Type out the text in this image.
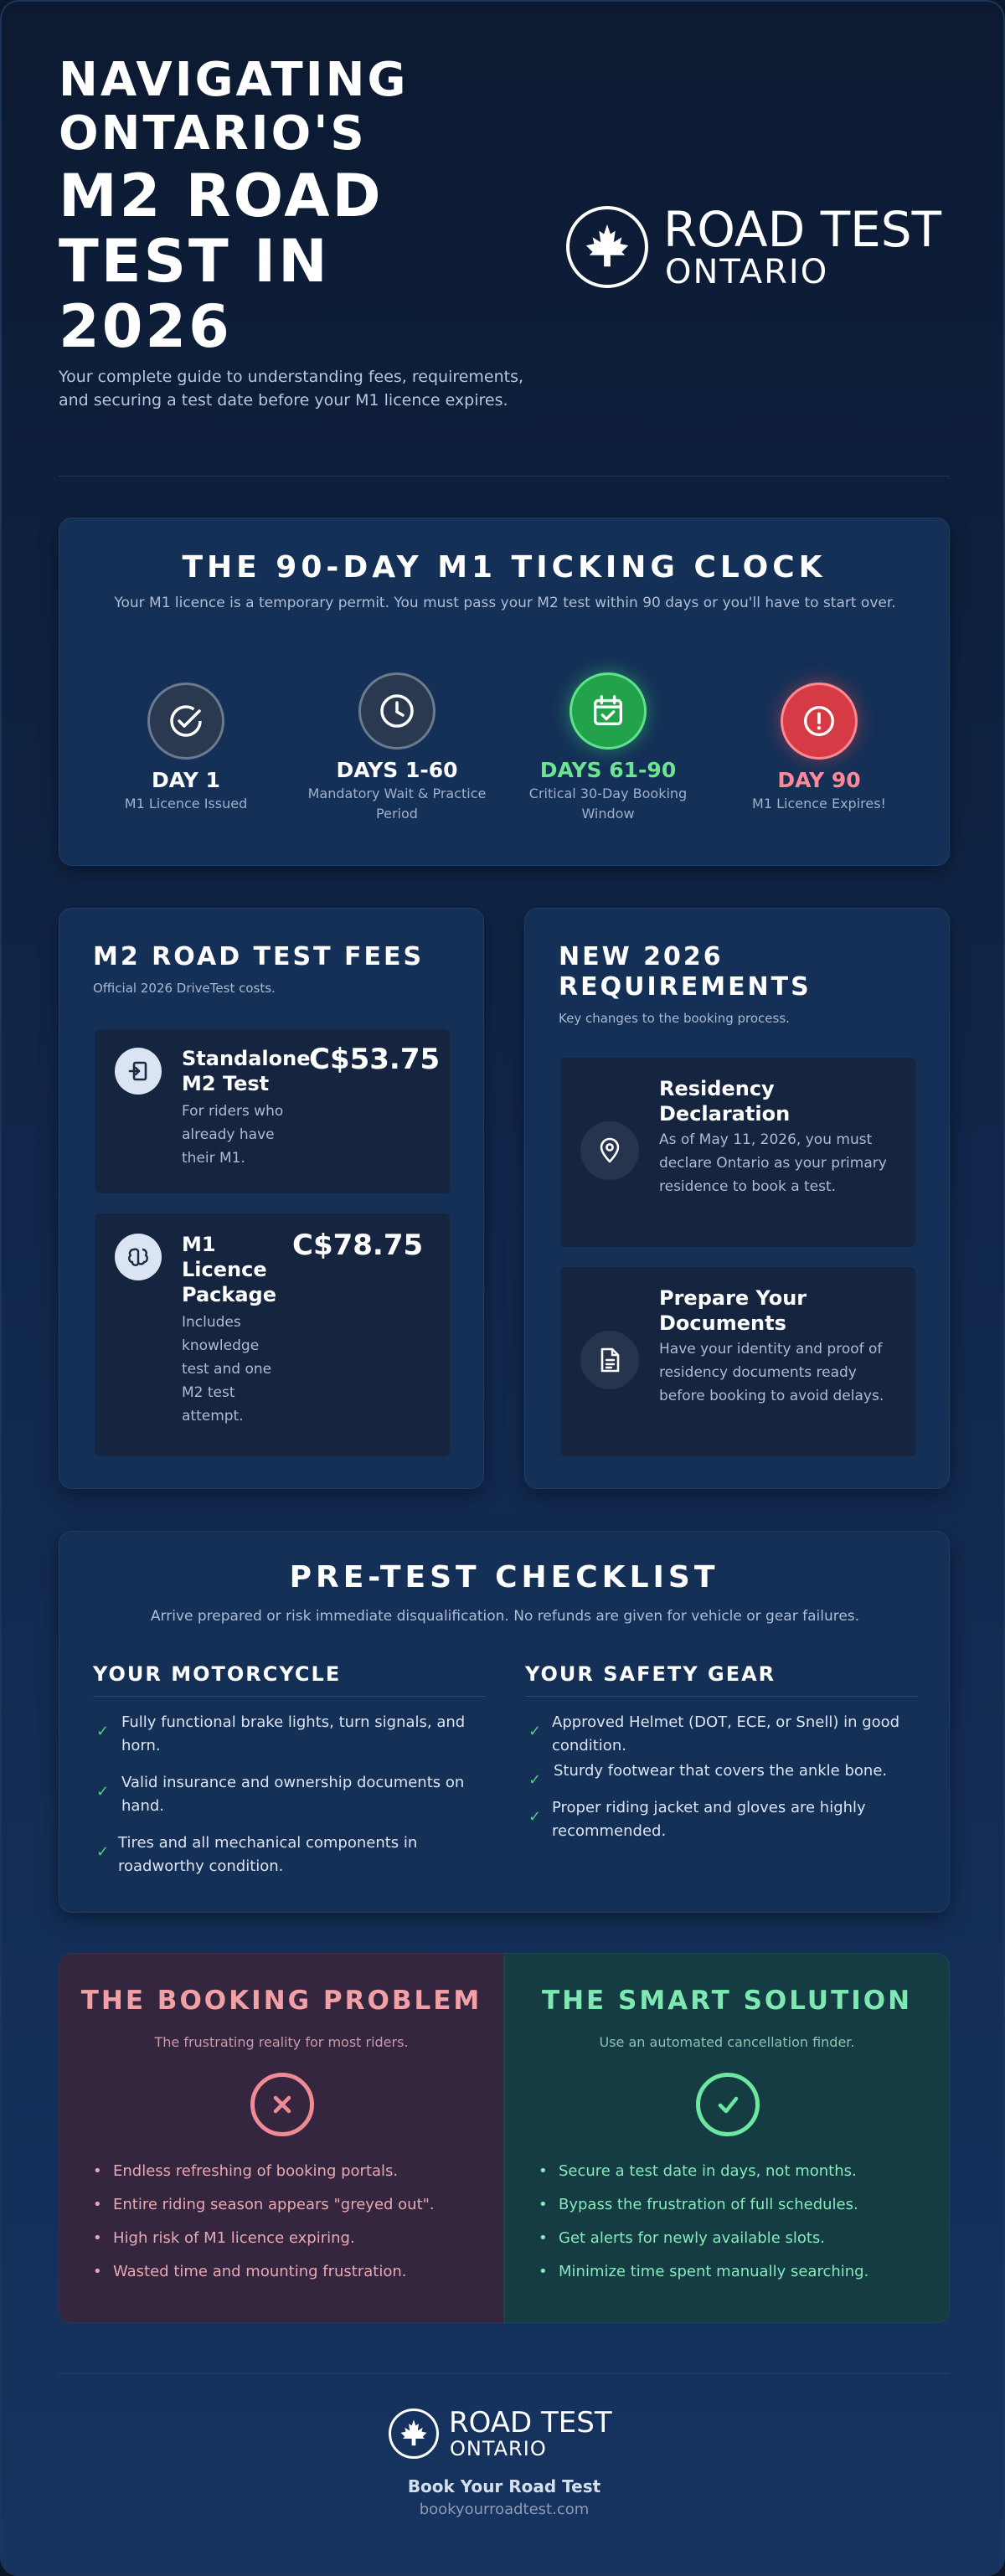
NAVIGATING
ONTARIO'S
M2 ROAD
TEST IN
2026
Your complete guide to understanding fees, requirements, and securing a test date before your M1 licence expires.
ROAD TEST
ONTARIO
THE 90-DAY M1 TICKING CLOCK
Your M1 licence is a temporary permit. You must pass your M2 test within 90 days or you'll have to start over.
DAY 1
M1 Licence Issued
DAYS 1-60
Mandatory Wait & Practice Period
DAYS 61-90
Critical 30-Day Booking Window
DAY 90
M1 Licence Expires!
M2 ROAD TEST FEES
Official 2026 DriveTest costs.
Standalone M2 Test
For riders who already have their M1.
C$53.75
M1 Licence Package
Includes knowledge test and one M2 test attempt.
C$78.75
NEW 2026 REQUIREMENTS
Key changes to the booking process.
Residency Declaration
As of May 11, 2026, you must declare Ontario as your primary residence to book a test.
Prepare Your Documents
Have your identity and proof of residency documents ready before booking to avoid delays.
PRE-TEST CHECKLIST
Arrive prepared or risk immediate disqualification. No refunds are given for vehicle or gear failures.
YOUR MOTORCYCLE
✓
Fully functional brake lights, turn signals, and horn.
✓
Valid insurance and ownership documents on hand.
✓
Tires and all mechanical components in roadworthy condition.
YOUR SAFETY GEAR
✓
Approved Helmet (DOT, ECE, or Snell) in good condition.
✓
Sturdy footwear that covers the ankle bone.
✓
Proper riding jacket and gloves are highly recommended.
THE BOOKING PROBLEM
The frustrating reality for most riders.
• Endless refreshing of booking portals.
• Entire riding season appears "greyed out".
• High risk of M1 licence expiring.
• Wasted time and mounting frustration.
THE SMART SOLUTION
Use an automated cancellation finder.
• Secure a test date in days, not months.
• Bypass the frustration of full schedules.
• Get alerts for newly available slots.
• Minimize time spent manually searching.
ROAD TEST
ONTARIO
Book Your Road Test
bookyourroadtest.com
